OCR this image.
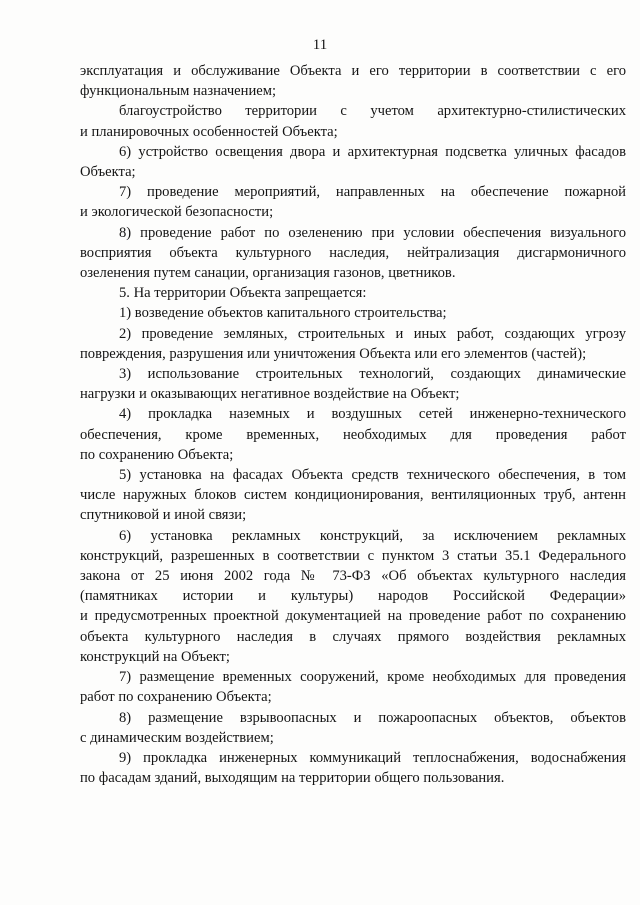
11
эксплуатация и обслуживание Объекта и его территории в соответствии с его
функциональным назначением;
благоустройство территории с учетом архитектурно-стилистических
и планировочных особенностей Объекта;
6) устройство освещения двора и архитектурная подсветка уличных фасадов
Объекта;
7) проведение мероприятий, направленных на обеспечение пожарной
и экологической безопасности;
8) проведение работ по озеленению при условии обеспечения визуального
восприятия объекта культурного наследия, нейтрализация дисгармоничного
озеленения путем санации, организация газонов, цветников.
5. На территории Объекта запрещается:
1) возведение объектов капитального строительства;
2) проведение земляных, строительных и иных работ, создающих угрозу
повреждения, разрушения или уничтожения Объекта или его элементов (частей);
3) использование строительных технологий, создающих динамические
нагрузки и оказывающих негативное воздействие на Объект;
4) прокладка наземных и воздушных сетей инженерно-технического
обеспечения, кроме временных, необходимых для проведения работ
по сохранению Объекта;
5) установка на фасадах Объекта средств технического обеспечения, в том
числе наружных блоков систем кондиционирования, вентиляционных труб, антенн
спутниковой и иной связи;
6) установка рекламных конструкций, за исключением рекламных
конструкций, разрешенных в соответствии с пунктом 3 статьи 35.1 Федерального
закона от 25 июня 2002 года № 73-ФЗ «Об объектах культурного наследия
(памятниках истории и культуры) народов Российской Федерации»
и предусмотренных проектной документацией на проведение работ по сохранению
объекта культурного наследия в случаях прямого воздействия рекламных
конструкций на Объект;
7) размещение временных сооружений, кроме необходимых для проведения
работ по сохранению Объекта;
8) размещение взрывоопасных и пожароопасных объектов, объектов
с динамическим воздействием;
9) прокладка инженерных коммуникаций теплоснабжения, водоснабжения
по фасадам зданий, выходящим на территории общего пользования.
